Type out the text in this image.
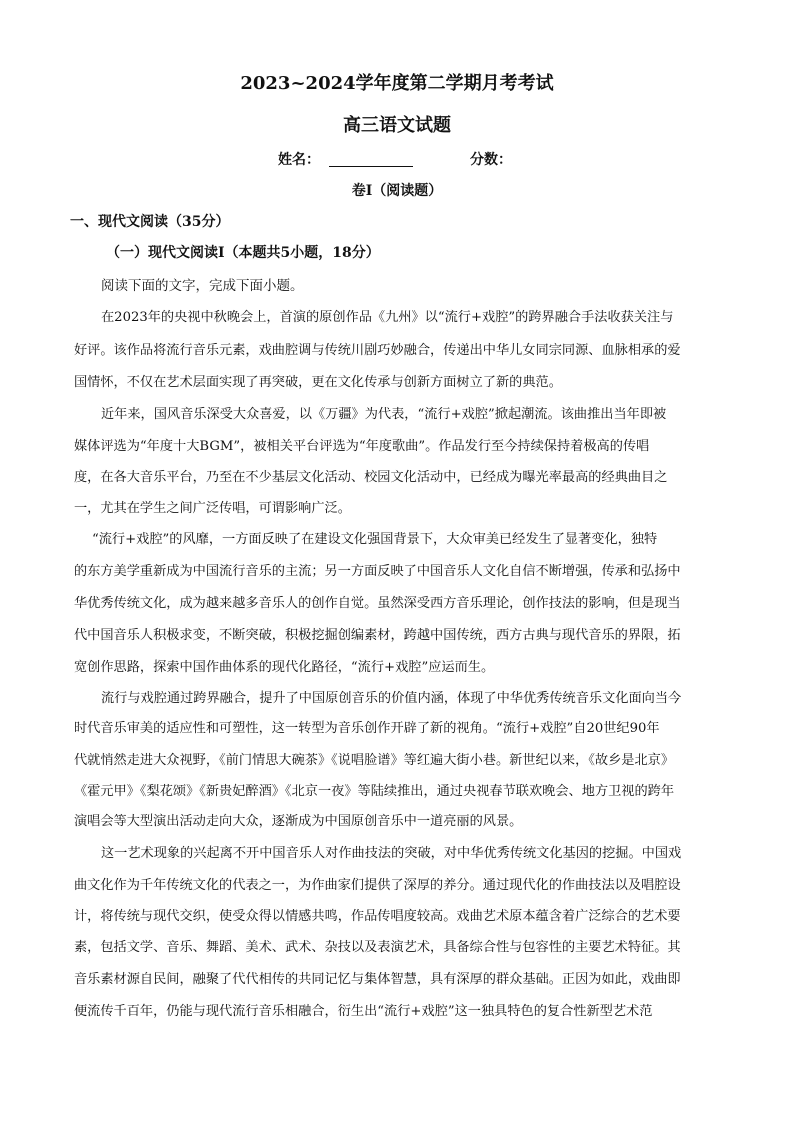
2023~2024学年度第二学期月考考试
高三语文试题
姓名：	分数：
卷Ⅰ（阅读题）
一、现代文阅读（35分）
（一）现代文阅读Ⅰ（本题共5小题，18分）
阅读下面的文字，完成下面小题。
在2023年的央视中秋晚会上，首演的原创作品《九州》以“流行+戏腔”的跨界融合手法收获关注与
好评。该作品将流行音乐元素，戏曲腔调与传统川剧巧妙融合，传递出中华儿女同宗同源、血脉相承的爱
国情怀，不仅在艺术层面实现了再突破，更在文化传承与创新方面树立了新的典范。
近年来，国风音乐深受大众喜爱，以《万疆》为代表，“流行+戏腔”掀起潮流。该曲推出当年即被
媒体评选为“年度十大BGM”，被相关平台评选为“年度歌曲”。作品发行至今持续保持着极高的传唱
度，在各大音乐平台，乃至在不少基层文化活动、校园文化活动中，已经成为曝光率最高的经典曲目之
一，尤其在学生之间广泛传唱，可谓影响广泛。
“流行+戏腔”的风靡，一方面反映了在建设文化强国背景下，大众审美已经发生了显著变化，独特
的东方美学重新成为中国流行音乐的主流；另一方面反映了中国音乐人文化自信不断增强，传承和弘扬中
华优秀传统文化，成为越来越多音乐人的创作自觉。虽然深受西方音乐理论，创作技法的影响，但是现当
代中国音乐人积极求变，不断突破，积极挖掘创编素材，跨越中国传统，西方古典与现代音乐的界限，拓
宽创作思路，探索中国作曲体系的现代化路径，“流行+戏腔”应运而生。
流行与戏腔通过跨界融合，提升了中国原创音乐的价值内涵，体现了中华优秀传统音乐文化面向当今
时代音乐审美的适应性和可塑性，这一转型为音乐创作开辟了新的视角。“流行+戏腔”自20世纪90年
代就悄然走进大众视野，《前门情思大碗茶》《说唱脸谱》等红遍大街小巷。新世纪以来，《故乡是北京》
《霍元甲》《梨花颂》《新贵妃醉酒》《北京一夜》等陆续推出，通过央视春节联欢晚会、地方卫视的跨年
演唱会等大型演出活动走向大众，逐渐成为中国原创音乐中一道亮丽的风景。
这一艺术现象的兴起离不开中国音乐人对作曲技法的突破，对中华优秀传统文化基因的挖掘。中国戏
曲文化作为千年传统文化的代表之一，为作曲家们提供了深厚的养分。通过现代化的作曲技法以及唱腔设
计，将传统与现代交织，使受众得以情感共鸣，作品传唱度较高。戏曲艺术原本蕴含着广泛综合的艺术要
素，包括文学、音乐、舞蹈、美术、武术、杂技以及表演艺术，具备综合性与包容性的主要艺术特征。其
音乐素材源自民间，融聚了代代相传的共同记忆与集体智慧，具有深厚的群众基础。正因为如此，戏曲即
便流传千百年，仍能与现代流行音乐相融合，衍生出“流行+戏腔”这一独具特色的复合性新型艺术范
